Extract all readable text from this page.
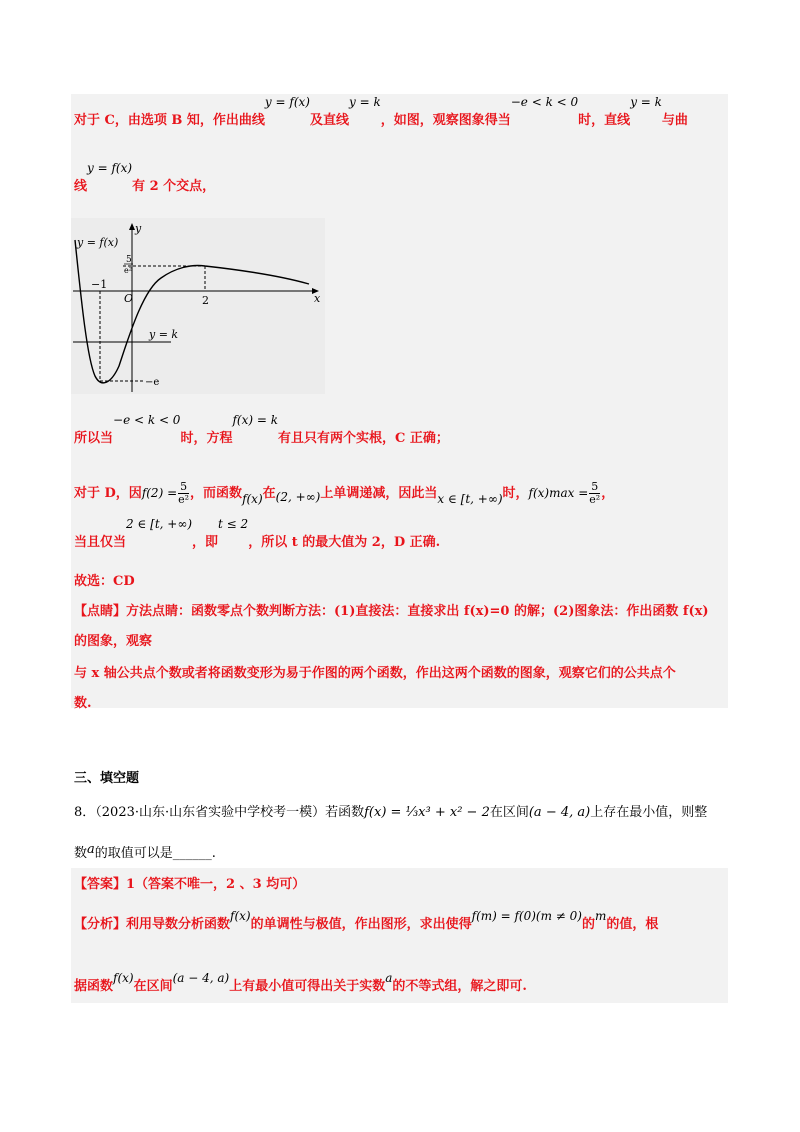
对于 C，由选项 B 知，作出曲线y = f(x)及直线y = k，如图，观察图象得当−e < k < 0时，直线y = k与曲
线y = f(x)有 2 个交点，
y = f(x)
y = k
y
x
O
−1
2
5
e²
−e
所以当−e < k < 0时，方程f(x) = k有且只有两个实根，C 正确；
对于 D，因$f(2) = \frac{5}{\text{e²}}$ ，而函数f(x)在(2, +∞)上单调递减，因此当x ∈ [t, +∞)时，$f(x)\max = \frac{5}{\text{e²}}$ ，
当且仅当2 ∈ [t, +∞)，即t ≤ 2，所以 t 的最大值为 2，D 正确.
故选：CD
【点睛】方法点睛：函数零点个数判断方法：(1)直接法：直接求出 f(x)=0 的解；(2)图象法：作出函数 f(x)
的图象，观察
与 x 轴公共点个数或者将函数变形为易于作图的两个函数，作出这两个函数的图象，观察它们的公共点个
数.
三、填空题
8．（2023·山东·山东省实验中学校考一模）若函数f(x) = ⅓x³ + x² − 2在区间(a − 4, a)上存在最小值，则整
数a的取值可以是______.
【答案】1（答案不唯一，2 、3 均可）
【分析】利用导数分析函数f(x)的单调性与极值，作出图形，求出使得f(m) = f(0)(m ≠ 0)的m的值，根
据函数f(x)在区间(a − 4, a)上有最小值可得出关于实数a的不等式组，解之即可.
